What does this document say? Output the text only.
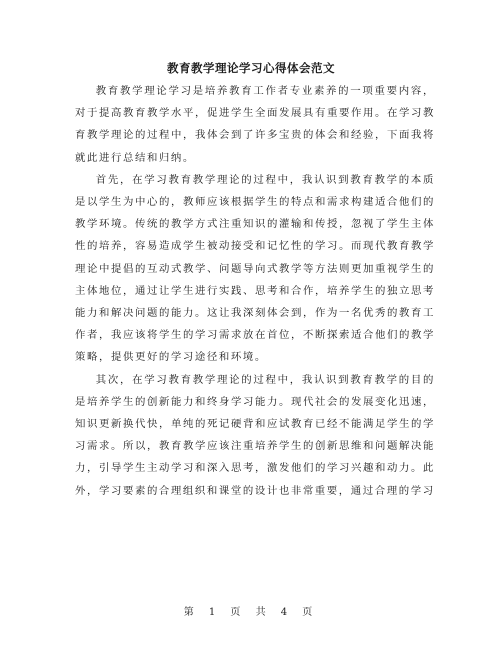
教育教学理论学习心得体会范文

教育教学理论学习是培养教育工作者专业素养的一项重要内容，对于提高教育教学水平，促进学生全面发展具有重要作用。在学习教育教学理论的过程中，我体会到了许多宝贵的体会和经验，下面我将就此进行总结和归纳。

首先，在学习教育教学理论的过程中，我认识到教育教学的本质是以学生为中心的，教师应该根据学生的特点和需求构建适合他们的教学环境。传统的教学方式注重知识的灌输和传授，忽视了学生主体性的培养，容易造成学生被动接受和记忆性的学习。而现代教育教学理论中提倡的互动式教学、问题导向式教学等方法则更加重视学生的主体地位，通过让学生进行实践、思考和合作，培养学生的独立思考能力和解决问题的能力。这让我深刻体会到，作为一名优秀的教育工作者，我应该将学生的学习需求放在首位，不断探索适合他们的教学策略，提供更好的学习途径和环境。

其次，在学习教育教学理论的过程中，我认识到教育教学的目的是培养学生的创新能力和终身学习能力。现代社会的发展变化迅速，知识更新换代快，单纯的死记硬背和应试教育已经不能满足学生的学习需求。所以，教育教学应该注重培养学生的创新思维和问题解决能力，引导学生主动学习和深入思考，激发他们的学习兴趣和动力。此外，学习要素的合理组织和课堂的设计也非常重要，通过合理的学习

第 1 页 共 4 页
